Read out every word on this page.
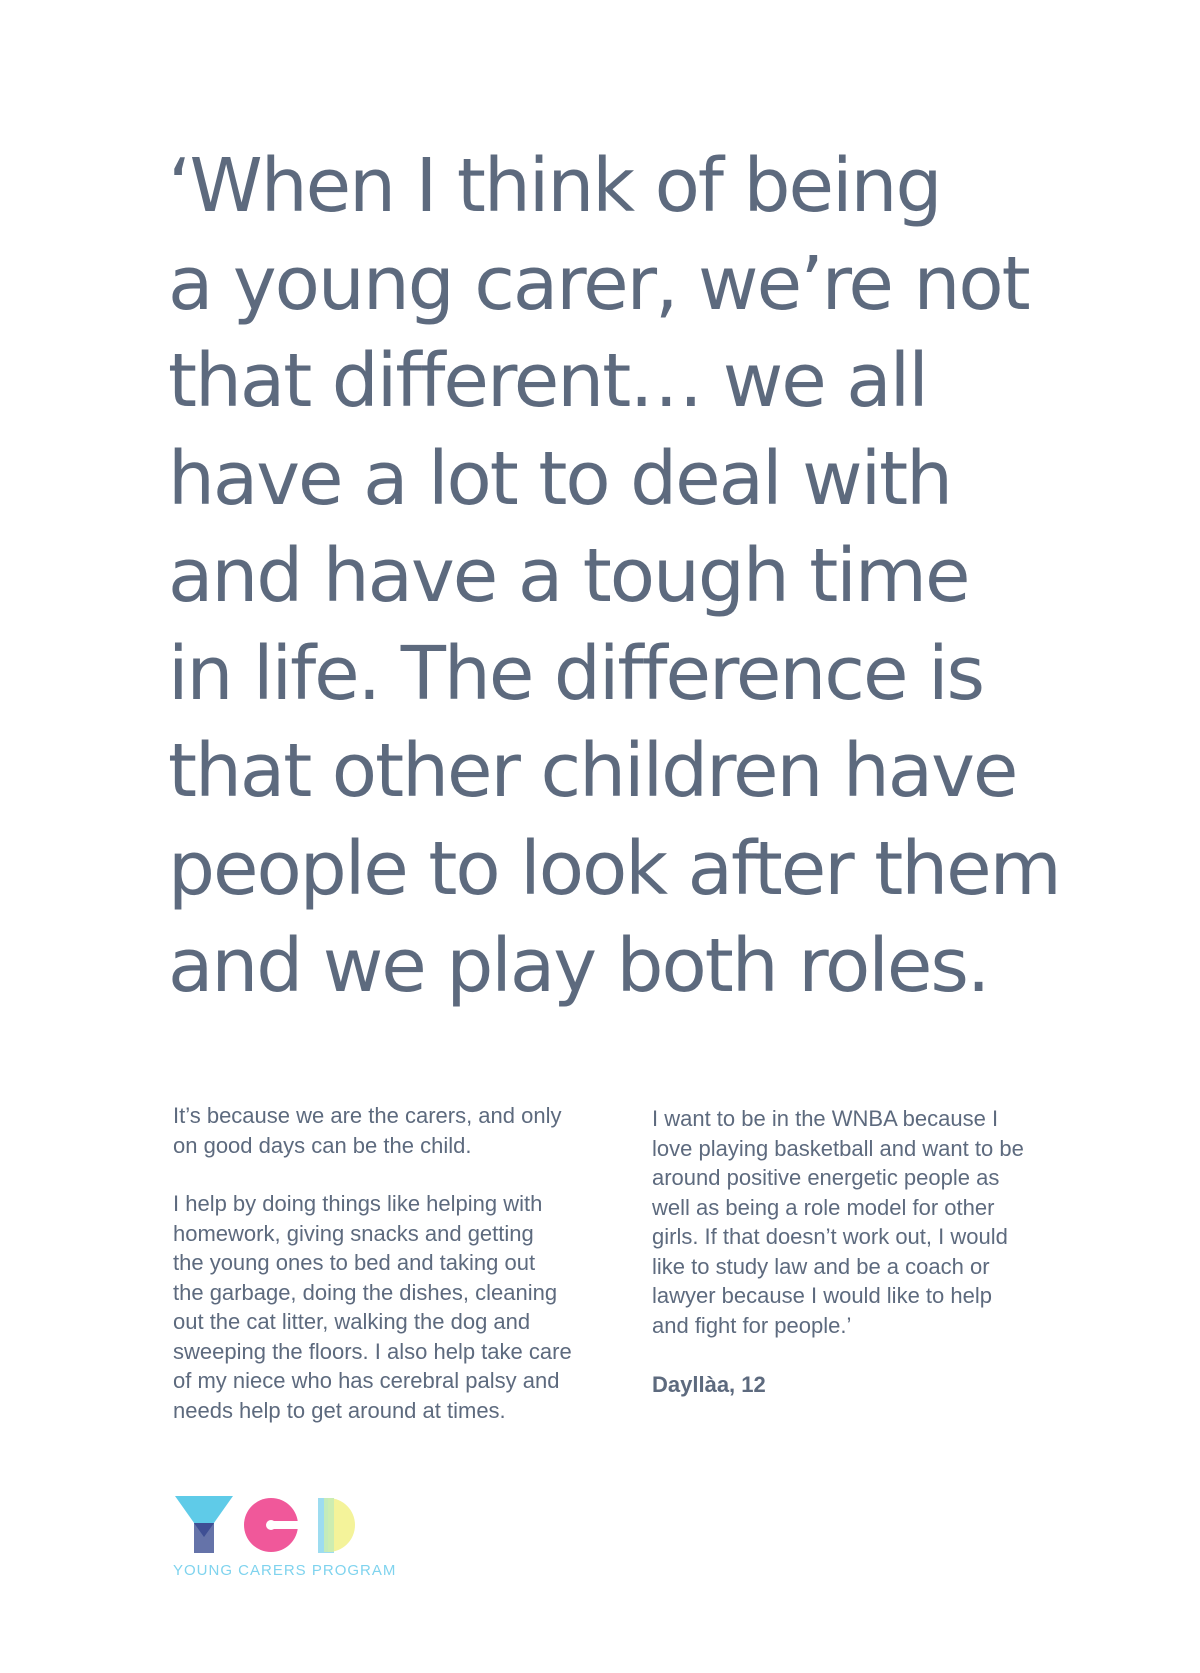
‘When I think of being
a young carer, we’re not
that different… we all
have a lot to deal with
and have a tough time
in life. The difference is
that other children have
people to look after them
and we play both roles.

It’s because we are the carers, and only
on good days can be the child.

I help by doing things like helping with
homework, giving snacks and getting
the young ones to bed and taking out
the garbage, doing the dishes, cleaning
out the cat litter, walking the dog and
sweeping the floors. I also help take care
of my niece who has cerebral palsy and
needs help to get around at times.

I want to be in the WNBA because I
love playing basketball and want to be
around positive energetic people as
well as being a role model for other
girls. If that doesn’t work out, I would
like to study law and be a coach or
lawyer because I would like to help
and fight for people.’

Dayllàa, 12

YOUNG CARERS PROGRAM
